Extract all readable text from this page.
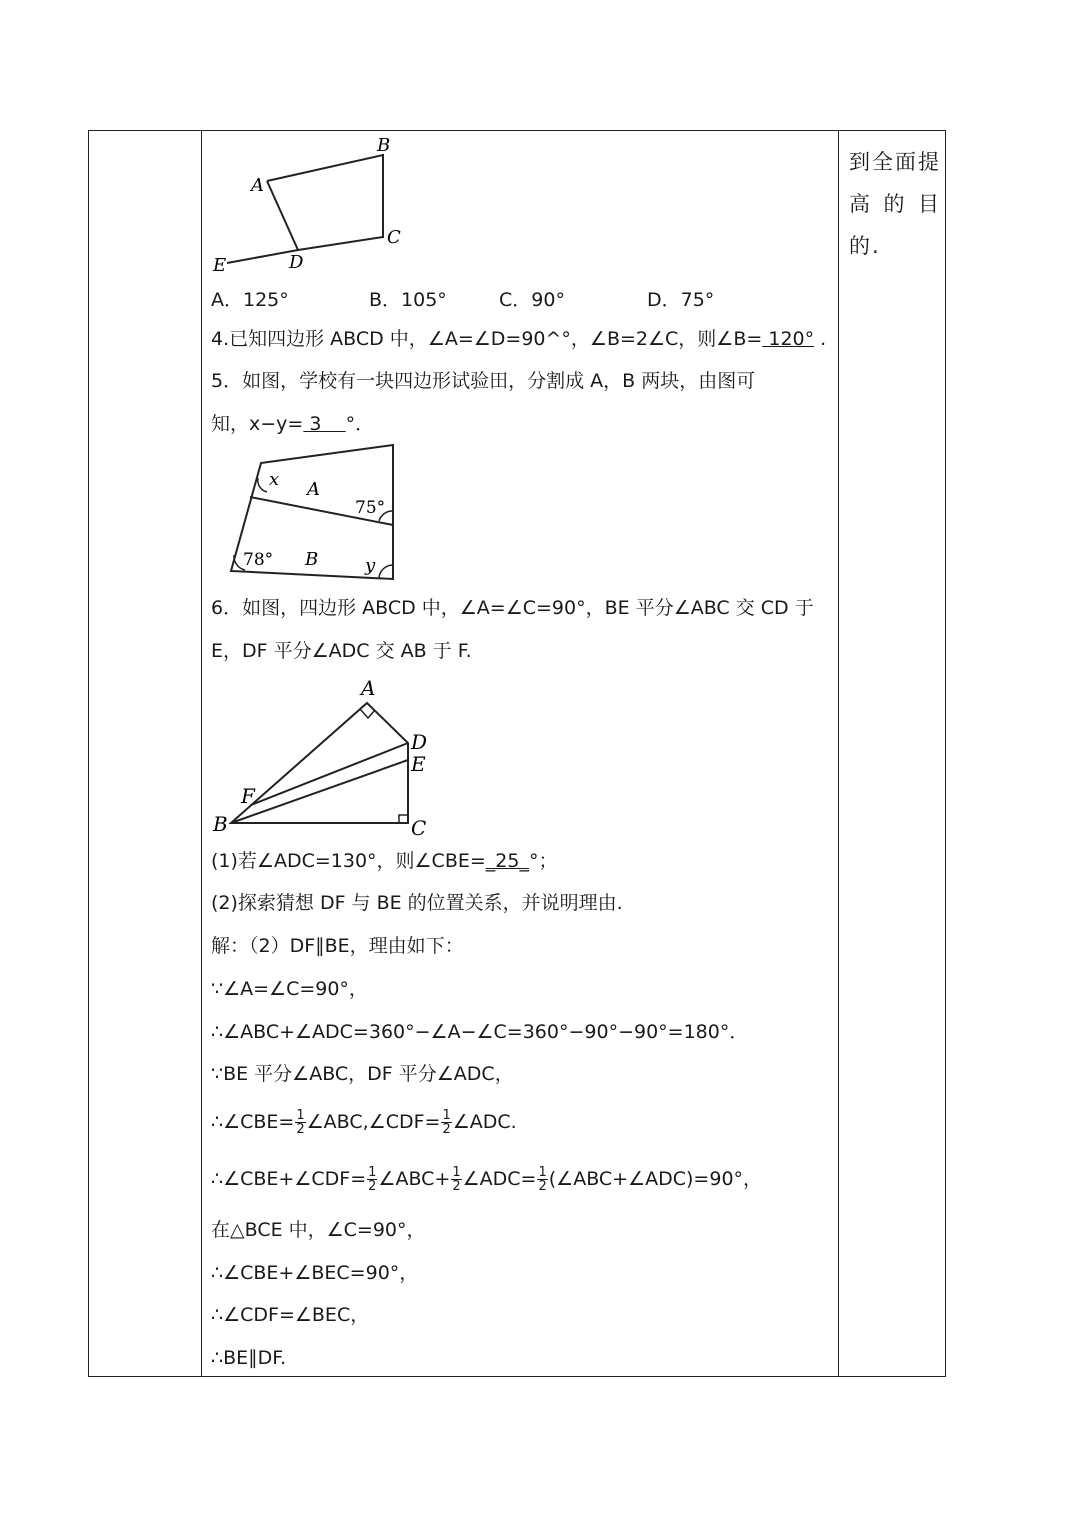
到全面提
高的目
的.
A
B
C
D
E
A．125°	B．105°	C．90°	D．75°
4.已知四边形 ABCD 中，∠A=∠D=90^°，∠B=2∠C，则∠B= 120° .
5．如图，学校有一块四边形试验田，分割成 A，B 两块，由图可
知，x−y= 3    °．
x A
75°
78° B	y
6．如图，四边形 ABCD 中，∠A=∠C=90°，BE 平分∠ABC 交 CD 于
E，DF 平分∠ADC 交 AB 于 F.
A
D
E
F
B	C
(1)若∠ADC=130°，则∠CBE=_25_°；
(2)探索猜想 DF 与 BE 的位置关系，并说明理由.
解：（2）DF∥BE，理由如下：
∵∠A=∠C=90°，
∴∠ABC+∠ADC=360°−∠A−∠C=360°−90°−90°=180°．
∵BE 平分∠ABC，DF 平分∠ADC，
∴∠CBE= $\frac{1}{2}$ ∠ABC,∠CDF= $\frac{1}{2}$ ∠ADC.
∴∠CBE+∠CDF= $\frac{1}{2}$ ∠ABC+ $\frac{1}{2}$ ∠ADC= $\frac{1}{2}$ (∠ABC+∠ADC)=90°，
在△BCE 中，∠C=90°，
∴∠CBE+∠BEC=90°，
∴∠CDF=∠BEC，
∴BE∥DF.
